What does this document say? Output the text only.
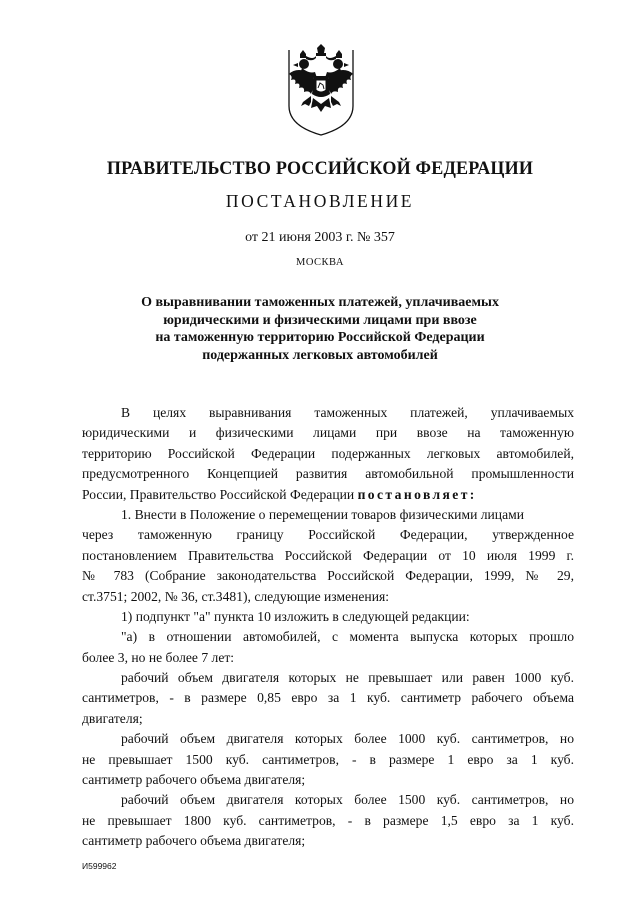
ПРАВИТЕЛЬСТВО РОССИЙСКОЙ ФЕДЕРАЦИИ
ПОСТАНОВЛЕНИЕ
от 21 июня 2003 г. № 357
МОСКВА
О выравнивании таможенных платежей, уплачиваемых
юридическими и физическими лицами при ввозе
на таможенную территорию Российской Федерации
подержанных легковых автомобилей
В целях выравнивания таможенных платежей, уплачиваемых
юридическими и физическими лицами при ввозе на таможенную
территорию Российской Федерации подержанных легковых автомобилей,
предусмотренного Концепцией развития автомобильной промышленности
России, Правительство Российской Федерации постановляет:
1. Внести в Положение о перемещении товаров физическими лицами
через таможенную границу Российской Федерации, утвержденное
постановлением Правительства Российской Федерации от 10 июля 1999 г.
№ 783 (Собрание законодательства Российской Федерации, 1999, № 29,
ст.3751; 2002, № 36, ст.3481), следующие изменения:
1) подпункт "а" пункта 10 изложить в следующей редакции:
"а) в отношении автомобилей, с момента выпуска которых прошло
более 3, но не более 7 лет:
рабочий объем двигателя которых не превышает или равен 1000 куб.
сантиметров, - в размере 0,85 евро за 1 куб. сантиметр рабочего объема
двигателя;
рабочий объем двигателя которых более 1000 куб. сантиметров, но
не превышает 1500 куб. сантиметров, - в размере 1 евро за 1 куб.
сантиметр рабочего объема двигателя;
рабочий объем двигателя которых более 1500 куб. сантиметров, но
не превышает 1800 куб. сантиметров, - в размере 1,5 евро за 1 куб.
сантиметр рабочего объема двигателя;
И599962
